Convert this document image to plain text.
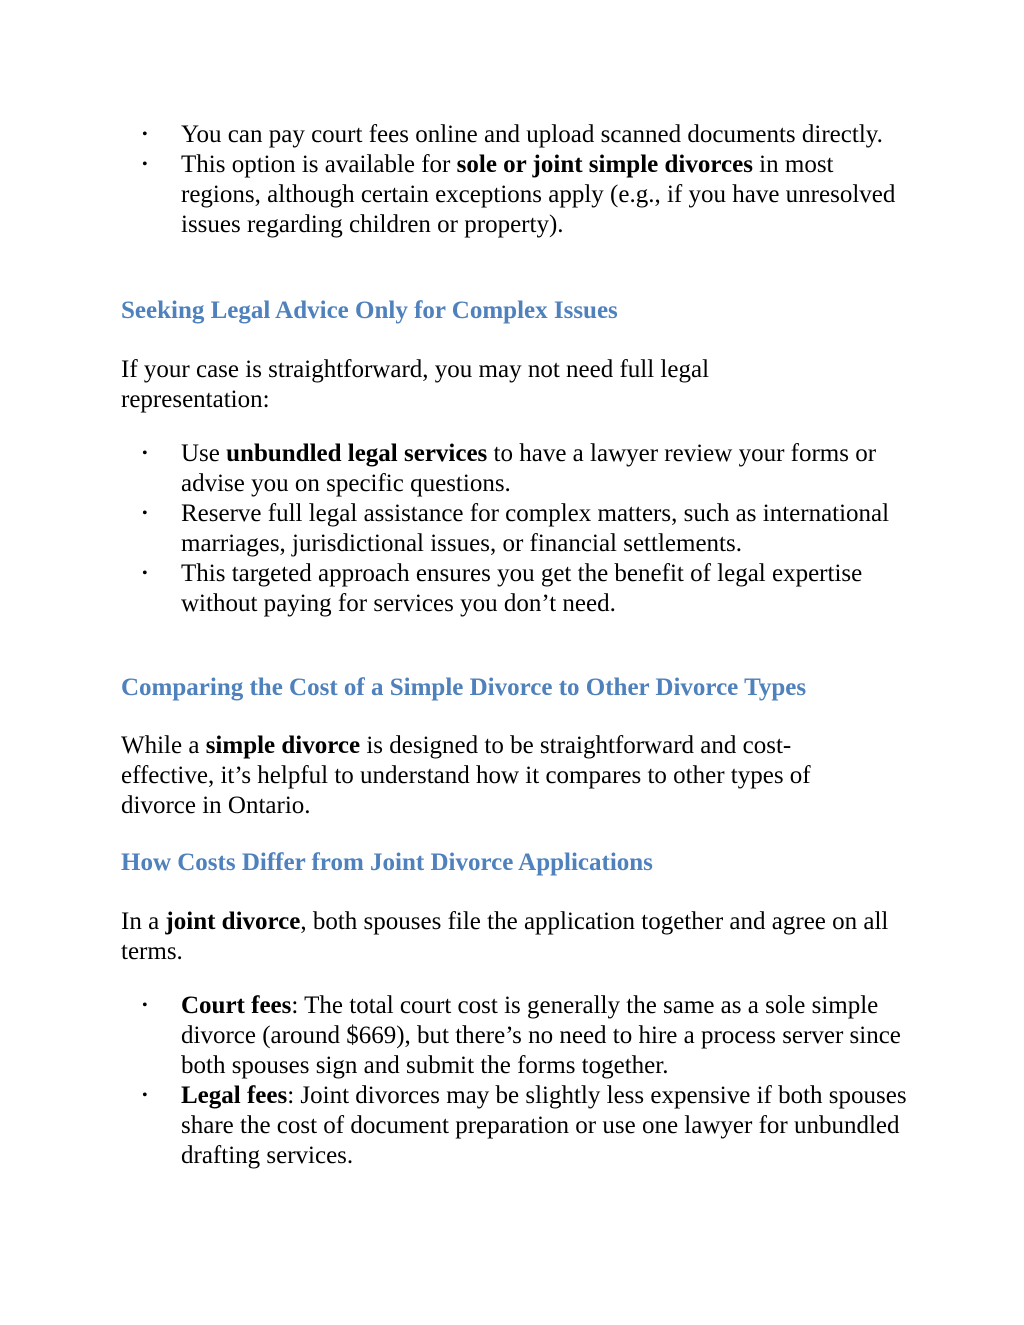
• You can pay court fees online and upload scanned documents directly.
• This option is available for sole or joint simple divorces in most regions, although certain exceptions apply (e.g., if you have unresolved issues regarding children or property).
Seeking Legal Advice Only for Complex Issues

If your case is straightforward, you may not need full legal representation:

• Use unbundled legal services to have a lawyer review your forms or advise you on specific questions.
• Reserve full legal assistance for complex matters, such as international marriages, jurisdictional issues, or financial settlements.
• This targeted approach ensures you get the benefit of legal expertise without paying for services you don’t need.
Comparing the Cost of a Simple Divorce to Other Divorce Types

While a simple divorce is designed to be straightforward and cost-effective, it’s helpful to understand how it compares to other types of divorce in Ontario.

How Costs Differ from Joint Divorce Applications

In a joint divorce, both spouses file the application together and agree on all terms.

• Court fees: The total court cost is generally the same as a sole simple divorce (around $669), but there’s no need to hire a process server since both spouses sign and submit the forms together.
• Legal fees: Joint divorces may be slightly less expensive if both spouses share the cost of document preparation or use one lawyer for unbundled drafting services.
